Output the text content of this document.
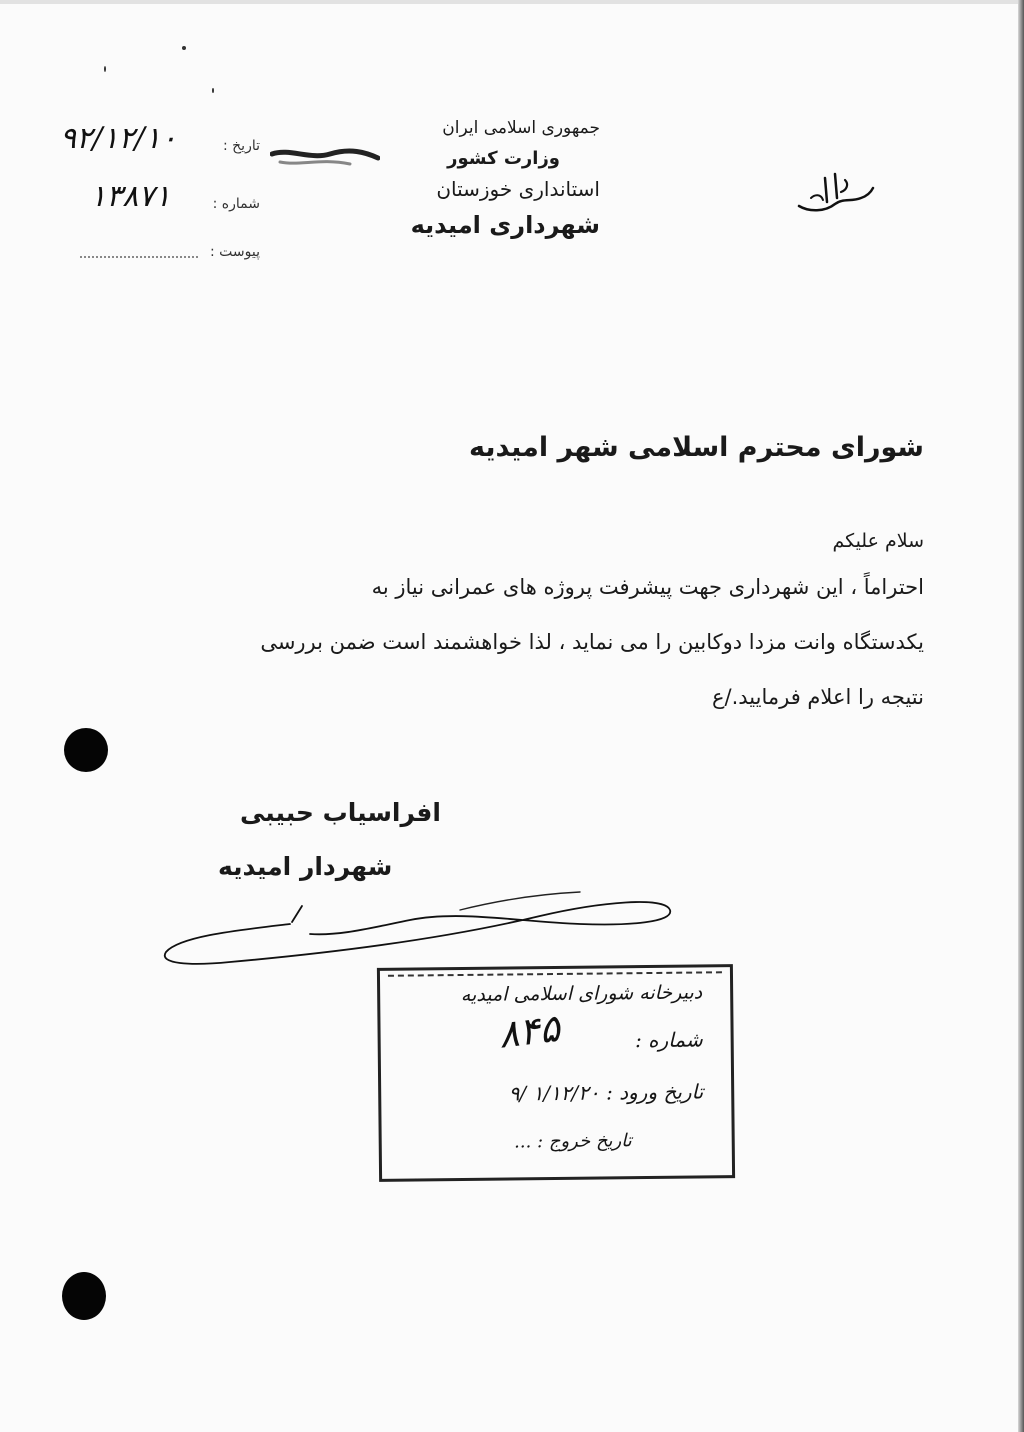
جمهوری اسلامی ایران
وزارت کشور
استانداری خوزستان
شهرداری امیدیه
۹۲/۱۲/۱۰	تاریخ :
۱۳۸۷۱	شماره :
پیوست :
شورای محترم اسلامی شهر امیدیه
سلام علیکم
احتراماً ، این شهرداری جهت پیشرفت پروژه های عمرانی نیاز به
یکدستگاه وانت مزدا دوکابین را می نماید ، لذا خواهشمند است ضمن بررسی
نتیجه را اعلام فرمایید./ع
افراسیاب حبیبی
شهردار امیدیه
دبیرخانه شورای اسلامی امیدیه
شماره :
۸۴۵
تاریخ ورود : ۱/۱۲/۲۰ /۹
تاریخ خروج : ...
